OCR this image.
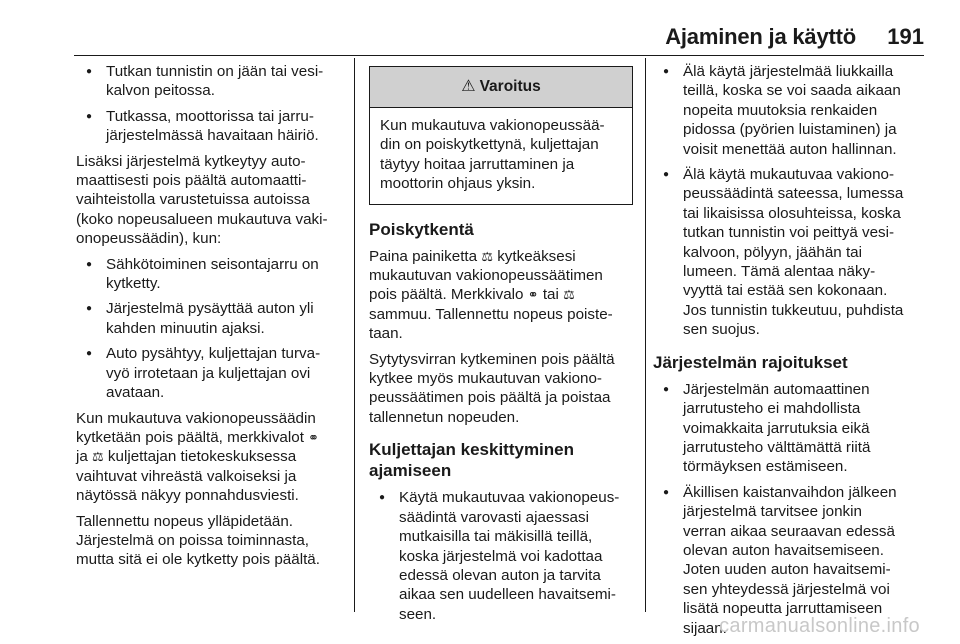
Ajaminen ja käyttö 191
● Tutkan tunnistin on jään tai vesi-
kalvon peitossa.
● Tutkassa, moottorissa tai jarru-
järjestelmässä havaitaan häiriö.
Lisäksi järjestelmä kytkeytyy auto-
maattisesti pois päältä automaatti-
vaihteistolla varustetuissa autoissa
(koko nopeusalueen mukautuva vaki-
onopeussäädin), kun:
● Sähkötoiminen seisontajarru on
kytketty.
● Järjestelmä pysäyttää auton yli
kahden minuutin ajaksi.
● Auto pysähtyy, kuljettajan turva-
vyö irrotetaan ja kuljettajan ovi
avataan.
Kun mukautuva vakionopeussäädin
kytketään pois päältä, merkkivalot ⚭
ja ⚖ kuljettajan tietokeskuksessa
vaihtuvat vihreästä valkoiseksi ja
näytössä näkyy ponnahdusviesti.
Tallennettu nopeus ylläpidetään.
Järjestelmä on poissa toiminnasta,
mutta sitä ei ole kytketty pois päältä.
⚠ Varoitus
Kun mukautuva vakionopeussää-
din on poiskytkettynä, kuljettajan
täytyy hoitaa jarruttaminen ja
moottorin ohjaus yksin.
Poiskytkentä
Paina painiketta ⚖ kytkeäksesi
mukautuvan vakionopeussäätimen
pois päältä. Merkkivalo ⚭ tai ⚖
sammuu. Tallennettu nopeus poiste-
taan.
Sytytysvirran kytkeminen pois päältä
kytkee myös mukautuvan vakiono-
peussäätimen pois päältä ja poistaa
tallennetun nopeuden.
Kuljettajan keskittyminen
ajamiseen
● Käytä mukautuvaa vakionopeus-
säädintä varovasti ajaessasi
mutkaisilla tai mäkisillä teillä,
koska järjestelmä voi kadottaa
edessä olevan auton ja tarvita
aikaa sen uudelleen havaitsemi-
seen.
● Älä käytä järjestelmää liukkailla
teillä, koska se voi saada aikaan
nopeita muutoksia renkaiden
pidossa (pyörien luistaminen) ja
voisit menettää auton hallinnan.
● Älä käytä mukautuvaa vakiono-
peussäädintä sateessa, lumessa
tai likaisissa olosuhteissa, koska
tutkan tunnistin voi peittyä vesi-
kalvoon, pölyyn, jäähän tai
lumeen. Tämä alentaa näky-
vyyttä tai estää sen kokonaan.
Jos tunnistin tukkeutuu, puhdista
sen suojus.
Järjestelmän rajoitukset
● Järjestelmän automaattinen
jarrutusteho ei mahdollista
voimakkaita jarrutuksia eikä
jarrutusteho välttämättä riitä
törmäyksen estämiseen.
● Äkillisen kaistanvaihdon jälkeen
järjestelmä tarvitsee jonkin
verran aikaa seuraavan edessä
olevan auton havaitsemiseen.
Joten uuden auton havaitsemi-
sen yhteydessä järjestelmä voi
lisätä nopeutta jarruttamiseen
sijaan.
carmanualsonline.info
